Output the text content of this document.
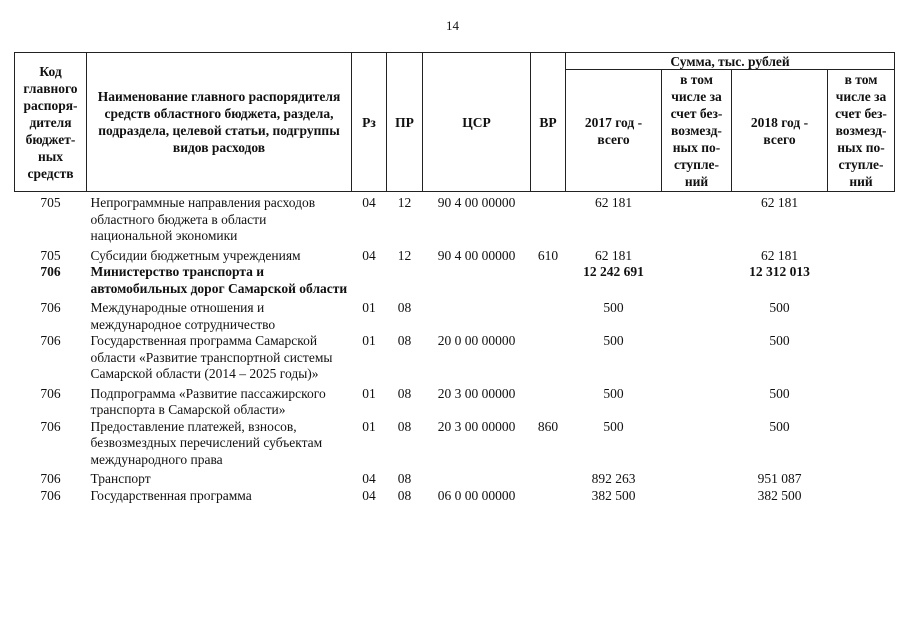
14
Код главного распоря-дителя бюджет-ных средств	Наименование главного распорядителя средств областного бюджета, раздела, подраздела, целевой статьи, подгруппы видов расходов	Рз	ПР	ЦСР	ВР	Сумма, тыс. рублей			
						2017 год - всего	в том числе за счет без-возмезд-ных по-ступле-ний	2018 год - всего	в том числе за счет без-возмезд-ных по-ступле-ний
705	Непрограммные направления расходов областного бюджета в области национальной экономики	04	12	90 4 00 00000		62 181		62 181	
705	Субсидии бюджетным учреждениям	04	12	90 4 00 00000	610	62 181		62 181	
706	Министерство транспорта и автомобильных дорог Самарской области					12 242 691		12 312 013	
706	Международные отношения и международное сотрудничество	01	08			500		500	
706	Государственная программа Самарской области «Развитие транспортной системы Самарской области (2014 – 2025 годы)»	01	08	20 0 00 00000		500		500	
706	Подпрограмма «Развитие пассажирского транспорта в Самарской области»	01	08	20 3 00 00000		500		500	
706	Предоставление платежей, взносов, безвозмездных перечислений субъектам международного права	01	08	20 3 00 00000	860	500		500	
706	Транспорт	04	08			892 263		951 087	
706	Государственная программа	04	08	06 0 00 00000		382 500		382 500	
